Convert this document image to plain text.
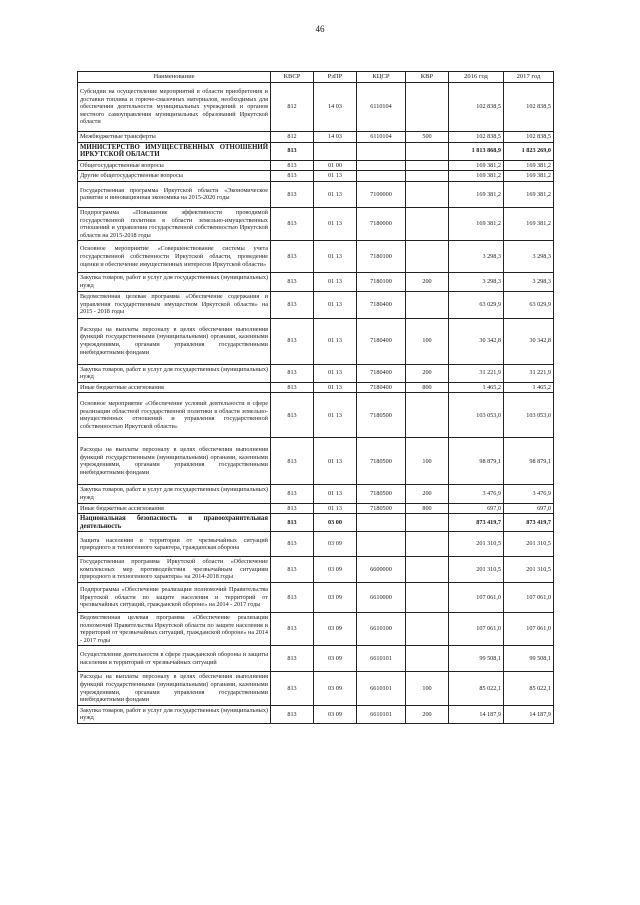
46
Наименование	КВСР	РзПР	КЦСР	КВР	2016 год	2017 год
Субсидии на осуществление мероприятий в области приобретения и доставки топлива и горюче-смазочных материалов, необходимых для обеспечения деятельности муниципальных учреждений и органов местного самоуправления муниципальных образований Иркутской области	812	14 03	6110104		102 838,5	102 838,5
Межбюджетные трансферты	812	14 03	6110104	500	102 838,5	102 838,5
МИНИСТЕРСТВО ИМУЩЕСТВЕННЫХ ОТНОШЕНИЙ ИРКУТСКОЙ ОБЛАСТИ	813				1 813 868,9	1 823 269,0
Общегосударственные вопросы	813	01 00			169 381,2	169 381,2
Другие общегосударственные вопросы	813	01 13			169 381,2	169 381,2
Государственная программа Иркутской области «Экономическое развитие и инновационная экономика на 2015-2020 годы	813	01 13	7100000		169 381,2	169 381,2
Подпрограмма «Повышение эффективности проводимой государственной политики в области земельно-имущественных отношений и управления государственной собственностью Иркутской области на 2015-2018 годы	813	01 13	7180000		169 381,2	169 381,2
Основное мероприятие «Совершенствование системы учета государственной собственности Иркутской области, проведение оценки и обеспечение имущественных интересов Иркутской области»	813	01 13	7180100		3 298,3	3 298,3
Закупка товаров, работ и услуг для государственных (муниципальных) нужд	813	01 13	7180100	200	3 298,3	3 298,3
Ведомственная целевая программа «Обеспечение содержания и управления государственным имуществом Иркутской области» на 2015 - 2018 годы	813	01 13	7180400		63 029,9	63 029,9
Расходы на выплаты персоналу в целях обеспечения выполнения функций государственными (муниципальными) органами, казенными учреждениями, органами управления государственными внебюджетными фондами	813	01 13	7180400	100	30 342,8	30 342,8
Закупка товаров, работ и услуг для государственных (муниципальных) нужд	813	01 13	7180400	200	31 221,9	31 221,9
Иные бюджетные ассигнования	813	01 13	7180400	800	1 465,2	1 465,2
Основное мероприятие «Обеспечение условий деятельности в сфере реализации областной государственной политики в области земельно-имущественных отношений и управления государственной собственностью Иркутской области»	813	01 13	7180500		103 053,0	103 053,0
Расходы на выплаты персоналу в целях обеспечения выполнения функций государственными (муниципальными) органами, казенными учреждениями, органами управления государственными внебюджетными фондами	813	01 13	7180500	100	98 879,1	98 879,1
Закупка товаров, работ и услуг для государственных (муниципальных) нужд	813	01 13	7180500	200	3 476,9	3 476,9
Иные бюджетные ассигнования	813	01 13	7180500	800	697,0	697,0
Национальная безопасность и правоохранительная деятельность	813	03 00			873 419,7	873 419,7
Защита населения и территории от чрезвычайных ситуаций природного и техногенного характера, гражданская оборона	813	03 09			201 310,5	201 310,5
Государственная программа Иркутской области «Обеспечение комплексных мер противодействия чрезвычайным ситуациям природного и техногенного характера» на 2014-2018 годы	813	03 09	6600000		201 310,5	201 310,5
Подпрограмма «Обеспечение реализации полномочий Правительства Иркутской области по защите населения и территорий от чрезвычайных ситуаций, гражданской обороне» на 2014 - 2017 годы	813	03 09	6610000		107 061,0	107 061,0
Ведомственная целевая программа «Обеспечение реализации полномочий Правительства Иркутской области по защите населения и территорий от чрезвычайных ситуаций, гражданской обороне» на 2014 - 2017 годы	813	03 09	6610100		107 061,0	107 061,0
Осуществление деятельности в сфере гражданской обороны и защиты населения и территорий от чрезвычайных ситуаций	813	03 09	6610101		99 508,1	99 508,1
Расходы на выплаты персоналу в целях обеспечения выполнения функций государственными (муниципальными) органами, казенными учреждениями, органами управления государственными внебюджетными фондами	813	03 09	6610101	100	85 022,1	85 022,1
Закупка товаров, работ и услуг для государственных (муниципальных) нужд	813	03 09	6610101	200	14 187,9	14 187,9
